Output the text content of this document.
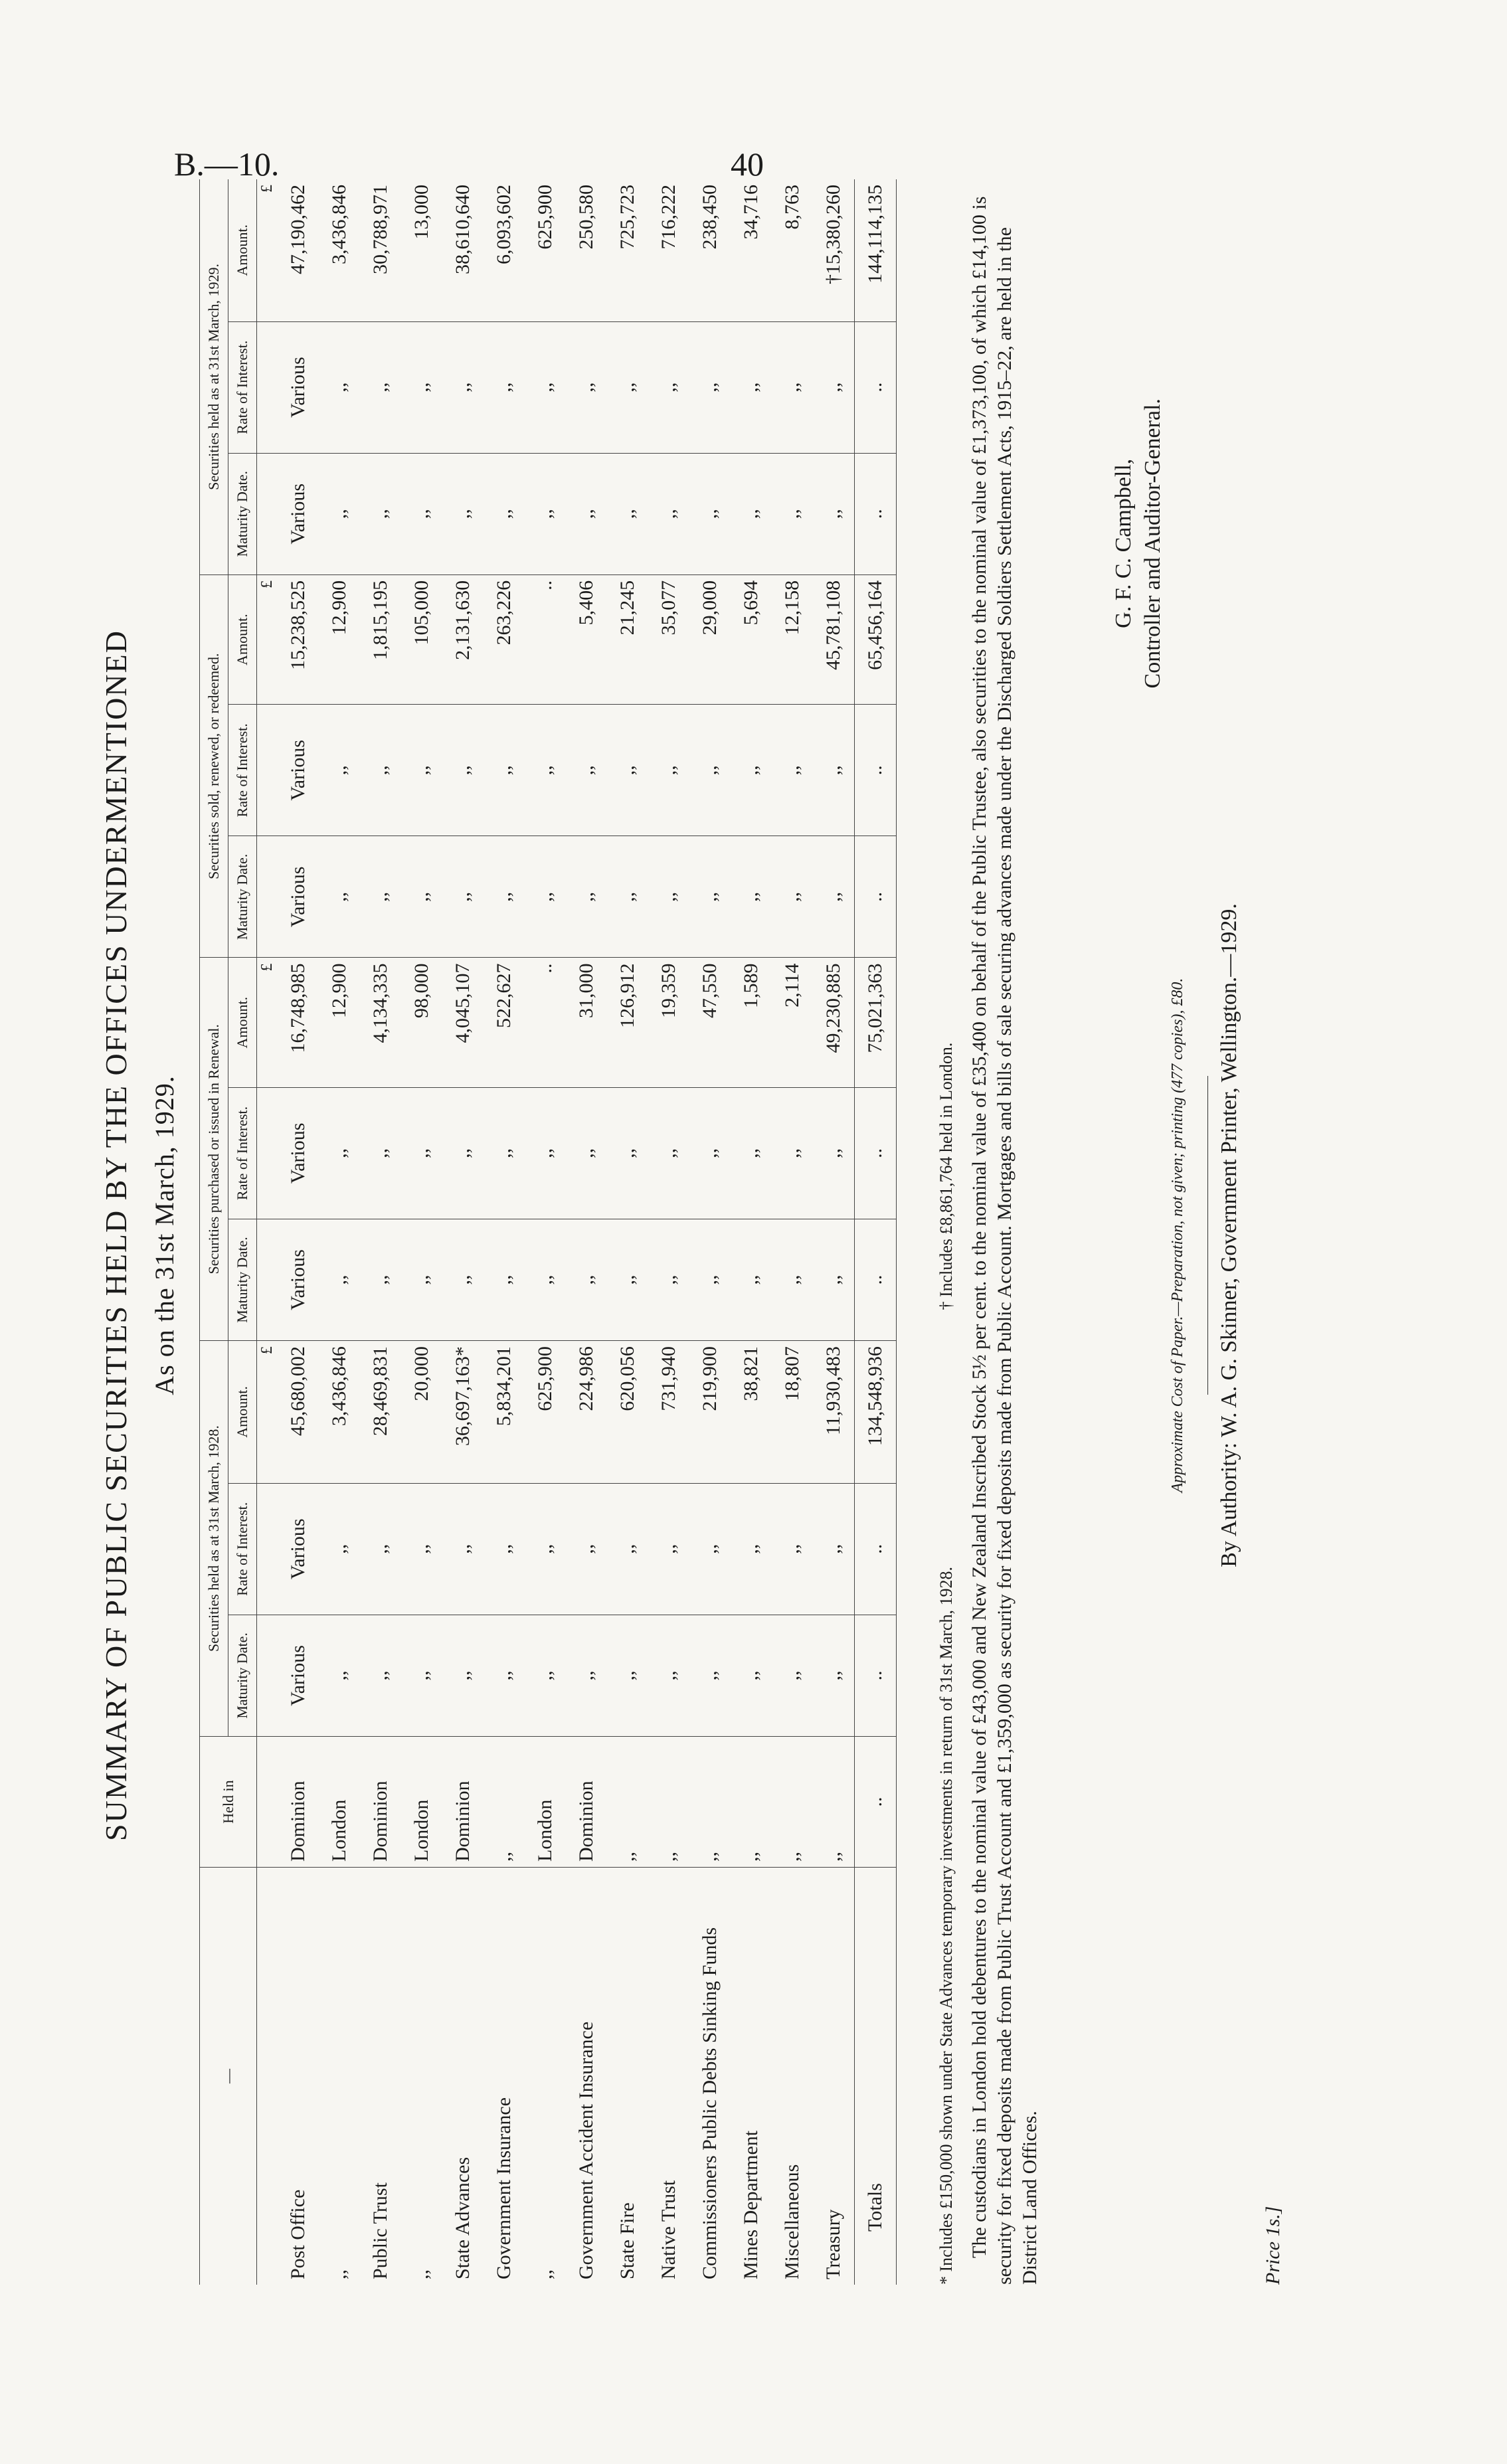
B.—10.	40
SUMMARY OF PUBLIC SECURITIES HELD BY THE OFFICES UNDERMENTIONED As on the 31st March, 1929.
—	Held in	Securities held as at 31st March, 1928.			Securities purchased or issued in Renewal.			Securities sold, renewed, or redeemed.			Securities held as at 31st March, 1929.		
		Maturity Date.	Rate of Interest.	Amount.	Maturity Date.	Rate of Interest.	Amount.	Maturity Date.	Rate of Interest.	Amount.	Maturity Date.	Rate of Interest.	Amount.
				£			£			£			£
Post Office	Dominion	Various	Various	45,680,002	Various	Various	16,748,985	Various	Various	15,238,525	Various	Various	47,190,462
,,	London	,,	,,	3,436,846	,,	,,	12,900	,,	,,	12,900	,,	,,	3,436,846
Public Trust	Dominion	,,	,,	28,469,831	,,	,,	4,134,335	,,	,,	1,815,195	,,	,,	30,788,971
,,	London	,,	,,	20,000	,,	,,	98,000	,,	,,	105,000	,,	,,	13,000
State Advances	Dominion	,,	,,	36,697,163*	,,	,,	4,045,107	,,	,,	2,131,630	,,	,,	38,610,640
Government Insurance	,,	,,	,,	5,834,201	,,	,,	522,627	,,	,,	263,226	,,	,,	6,093,602
,,	London	,,	,,	625,900	,,	,,	..	,,	,,	..	,,	,,	625,900
Government Accident Insurance	Dominion	,,	,,	224,986	,,	,,	31,000	,,	,,	5,406	,,	,,	250,580
State Fire	,,	,,	,,	620,056	,,	,,	126,912	,,	,,	21,245	,,	,,	725,723
Native Trust	,,	,,	,,	731,940	,,	,,	19,359	,,	,,	35,077	,,	,,	716,222
Commissioners Public Debts Sinking Funds	,,	,,	,,	219,900	,,	,,	47,550	,,	,,	29,000	,,	,,	238,450
Mines Department	,,	,,	,,	38,821	,,	,,	1,589	,,	,,	5,694	,,	,,	34,716
Miscellaneous	,,	,,	,,	18,807	,,	,,	2,114	,,	,,	12,158	,,	,,	8,763
Treasury	,,	,,	,,	11,930,483	,,	,,	49,230,885	,,	,,	45,781,108	,,	,,	†15,380,260
Totals	..	..	..	134,548,936	..	..	75,021,363	..	..	65,456,164	..	..	144,114,135
* Includes £150,000 shown under State Advances temporary investments in return of 31st March, 1928. † Includes £8,861,764 held in London. The custodians in London hold debentures to the nominal value of £43,000 and New Zealand Inscribed Stock 5½ per cent. to the nominal value of £35,400 on behalf of the Public Trustee, also securities to the nominal value of £1,373,100, of which £14,100 is security for fixed deposits made from Public Trust Account and £1,359,000 as security for fixed deposits made from Public Account. Mortgages and bills of sale securing advances made under the Discharged Soldiers Settlement Acts, 1915–22, are held in the District Land Offices.
G. F. C. Campbell, Controller and Auditor-General.
Approximate Cost of Paper.—Preparation, not given; printing (477 copies), £80. By Authority: W. A. G. Skinner, Government Printer, Wellington.—1929.
Price 1s.]
